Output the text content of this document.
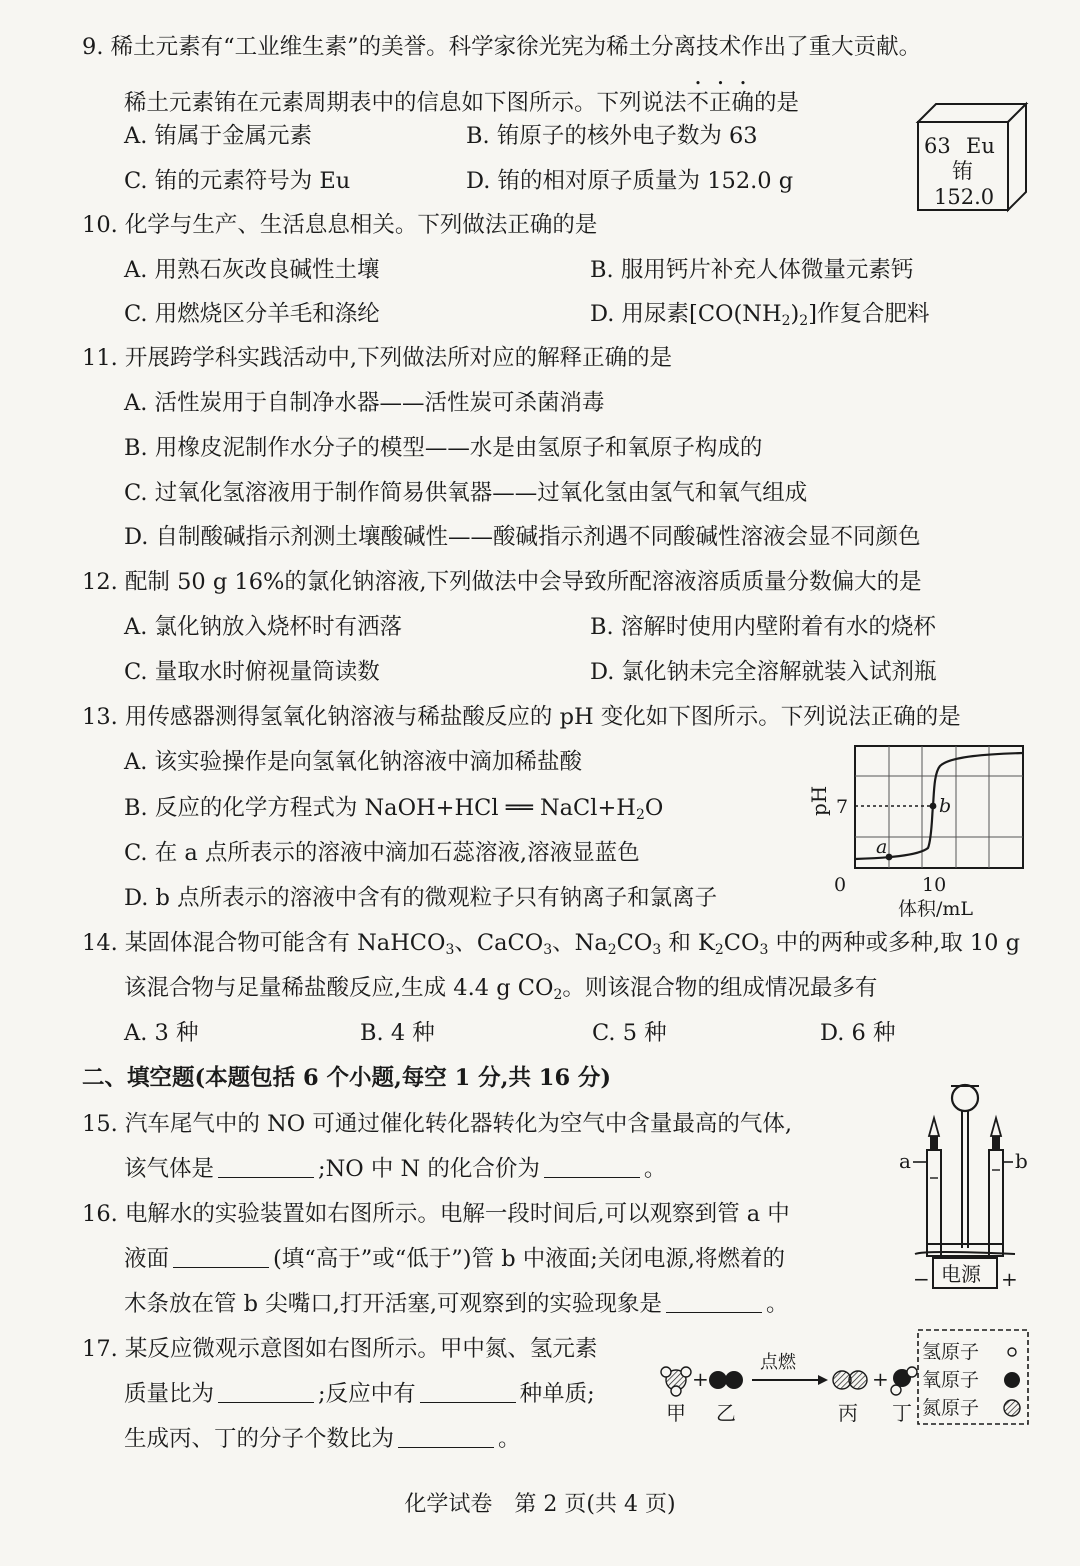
9. 稀土元素有“工业维生素”的美誉。科学家徐光宪为稀土分离技术作出了重大贡献。
稀土元素铕在元素周期表中的信息如下图所示。下列说法不正确的是
A. 铕属于金属元素	B. 铕原子的核外电子数为 63
C. 铕的元素符号为 Eu	D. 铕的相对原子质量为 152.0 g
63 Eu
铕
152.0
10. 化学与生产、生活息息相关。下列做法正确的是
A. 用熟石灰改良碱性土壤	B. 服用钙片补充人体微量元素钙
C. 用燃烧区分羊毛和涤纶	D. 用尿素$[CO(NH_2)_2]$作复合肥料
11. 开展跨学科实践活动中,下列做法所对应的解释正确的是
A. 活性炭用于自制净水器——活性炭可杀菌消毒
B. 用橡皮泥制作水分子的模型——水是由氢原子和氧原子构成的
C. 过氧化氢溶液用于制作简易供氧器——过氧化氢由氢气和氧气组成
D. 自制酸碱指示剂测土壤酸碱性——酸碱指示剂遇不同酸碱性溶液会显不同颜色
12. 配制 50 g 16%的氯化钠溶液,下列做法中会导致所配溶液溶质质量分数偏大的是
A. 氯化钠放入烧杯时有洒落	B. 溶解时使用内壁附着有水的烧杯
C. 量取水时俯视量筒读数	D. 氯化钠未完全溶解就装入试剂瓶
13. 用传感器测得氢氧化钠溶液与稀盐酸反应的 pH 变化如下图所示。下列说法正确的是
A. 该实验操作是向氢氧化钠溶液中滴加稀盐酸
B. 反应的化学方程式为 NaOH+HCl ══ $NaCl+H_2O$
C. 在 a 点所表示的溶液中滴加石蕊溶液,溶液显蓝色
D. b 点所表示的溶液中含有的微观粒子只有钠离子和氯离子
a
b
7
pH
0	10
体积/mL
14. 某固体混合物可能含有 NaHCO$_3$、CaCO$_3$、$Na_2CO_3$ 和 $K_2CO_3$ 中的两种或多种,取 10 g
该混合物与足量稀盐酸反应,生成 4.4 g $CO_2$。则该混合物的组成情况最多有
A. 3 种	B. 4 种	C. 5 种	D. 6 种
二、填空题(本题包括 6 个小题,每空 1 分,共 16 分)
15. 汽车尾气中的 NO 可通过催化转化器转化为空气中含量最高的气体,
该气体是	;NO 中 N 的化合价为	。
16. 电解水的实验装置如右图所示。电解一段时间后,可以观察到管 a 中
液面	(填“高于”或“低于”)管 b 中液面;关闭电源,将燃着的
木条放在管 b 尖嘴口,打开活塞,可观察到的实验现象是	。
电源
−	+
a	b
17. 某反应微观示意图如右图所示。甲中氮、氢元素
质量比为	;反应中有	种单质;
生成丙、丁的分子个数比为	。
+
甲 乙
点燃
+
丙 丁
氢原子
氧原子
氮原子
化学试卷　第 2 页(共 4 页)
